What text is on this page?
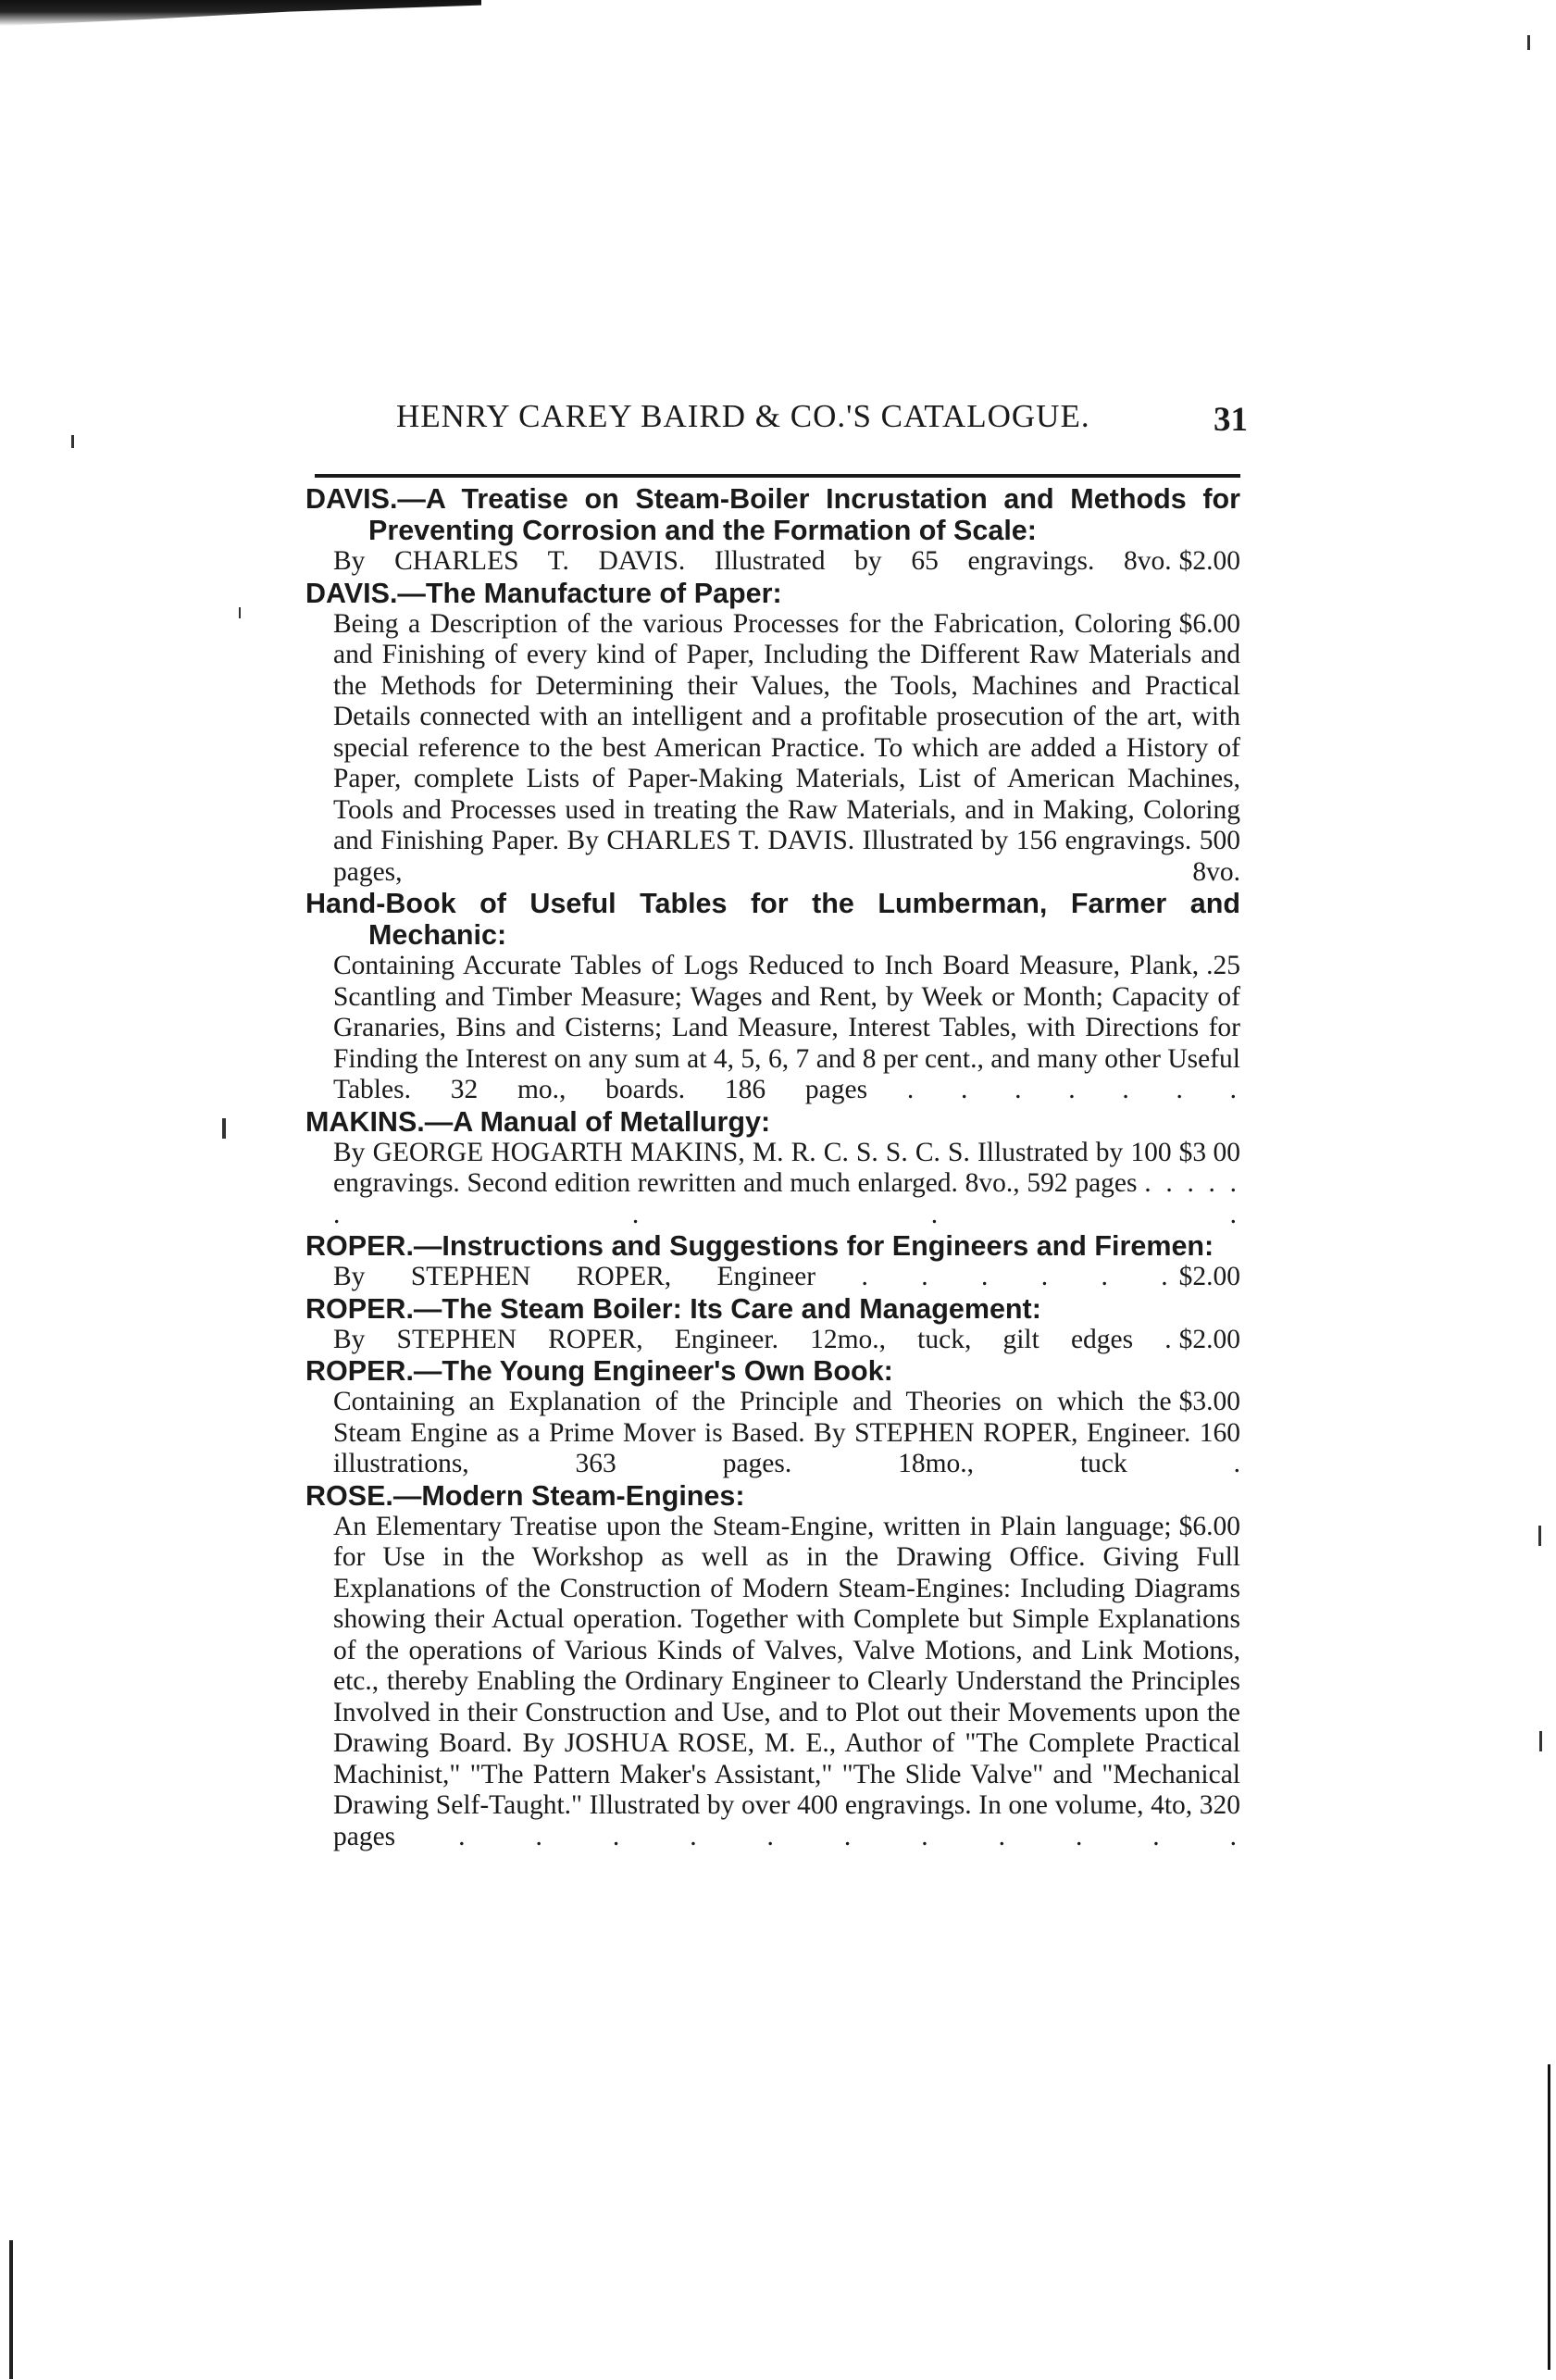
HENRY CAREY BAIRD & CO.'S CATALOGUE.	31
DAVIS.—A Treatise on Steam-Boiler Incrustation and Methods for Preventing Corrosion and the Formation of Scale:
$2.00
By CHARLES T. DAVIS. Illustrated by 65 engravings. 8vo.
DAVIS.—The Manufacture of Paper:
$6.00
Being a Description of the various Processes for the Fabrication, Coloring and Finishing of every kind of Paper, Including the Different Raw Materials and the Methods for Determining their Values, the Tools, Machines and Practical Details connected with an intelligent and a profitable prosecution of the art, with special reference to the best American Practice. To which are added a History of Paper, complete Lists of Paper-Making Materials, List of American Machines, Tools and Processes used in treating the Raw Materials, and in Making, Coloring and Finishing Paper. By CHARLES T. DAVIS. Illustrated by 156 engravings. 500 pages, 8vo.
Hand-Book of Useful Tables for the Lumberman, Farmer and Mechanic:
.25
Containing Accurate Tables of Logs Reduced to Inch Board Measure, Plank, Scantling and Timber Measure; Wages and Rent, by Week or Month; Capacity of Granaries, Bins and Cisterns; Land Measure, Interest Tables, with Directions for Finding the Interest on any sum at 4, 5, 6, 7 and 8 per cent., and many other Useful Tables. 32 mo., boards. 186 pages . . . . . . .
MAKINS.—A Manual of Metallurgy:
$3 00
By GEORGE HOGARTH MAKINS, M. R. C. S. S. C. S. Illustrated by 100 engravings. Second edition rewritten and much enlarged. 8vo., 592 pages . . . . . . . . .
ROPER.—Instructions and Suggestions for Engineers and Firemen:
$2.00
By STEPHEN ROPER, Engineer . . . . . .
ROPER.—The Steam Boiler: Its Care and Management:
$2.00
By STEPHEN ROPER, Engineer. 12mo., tuck, gilt edges .
ROPER.—The Young Engineer's Own Book:
$3.00
Containing an Explanation of the Principle and Theories on which the Steam Engine as a Prime Mover is Based. By STEPHEN ROPER, Engineer. 160 illustrations, 363 pages. 18mo., tuck .
ROSE.—Modern Steam-Engines:
$6.00
An Elementary Treatise upon the Steam-Engine, written in Plain language; for Use in the Workshop as well as in the Drawing Office. Giving Full Explanations of the Construction of Modern Steam-Engines: Including Diagrams showing their Actual operation. Together with Complete but Simple Explanations of the operations of Various Kinds of Valves, Valve Motions, and Link Motions, etc., thereby Enabling the Ordinary Engineer to Clearly Understand the Principles Involved in their Construction and Use, and to Plot out their Movements upon the Drawing Board. By JOSHUA ROSE, M. E., Author of "The Complete Practical Machinist," "The Pattern Maker's Assistant," "The Slide Valve" and "Mechanical Drawing Self-Taught." Illustrated by over 400 engravings. In one volume, 4to, 320 pages . . . . . . . . . . .
